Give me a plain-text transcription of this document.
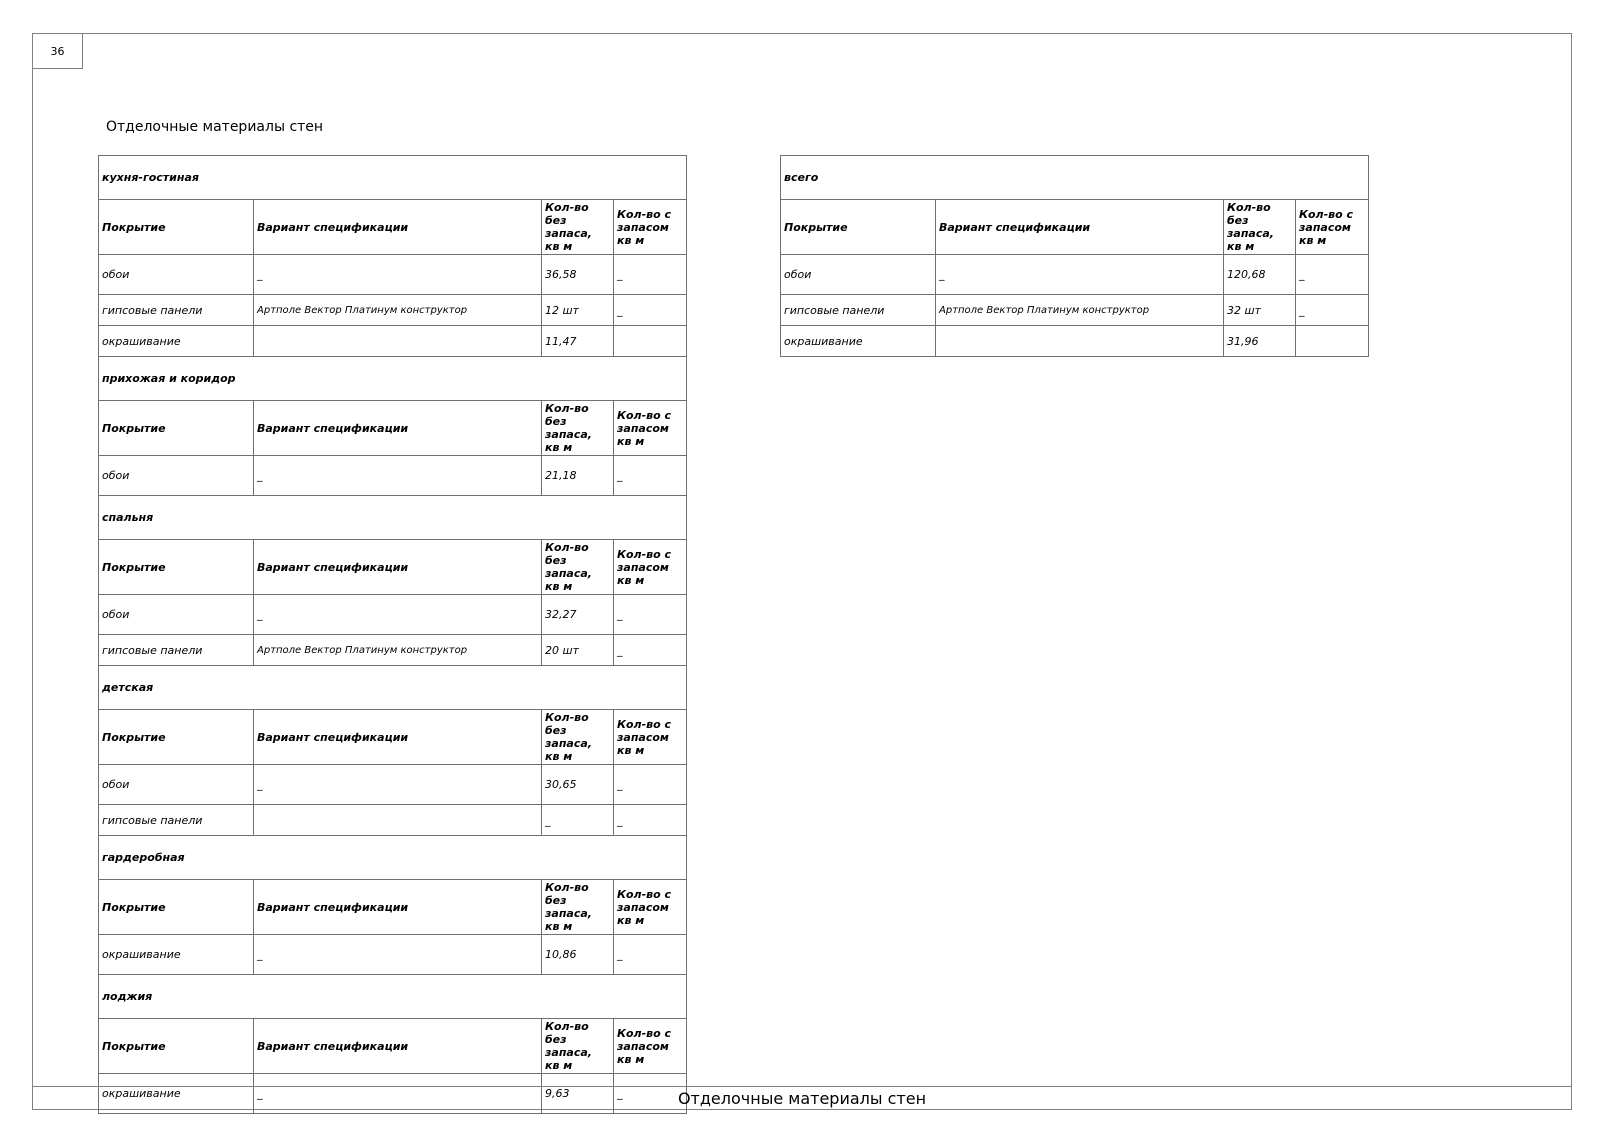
36
Отделочные материалы стен
кухня-гостиная			
Покрытие	Вариант спецификации	Кол-во без запаса, кв м	Кол-во с запасом кв м
обои	_	36,58	_
гипсовые панели	Артполе Вектор Платинум конструктор	12 шт	_
окрашивание		11,47	
прихожая и коридор			
Покрытие	Вариант спецификации	Кол-во без запаса, кв м	Кол-во с запасом кв м
обои	_	21,18	_
спальня			
Покрытие	Вариант спецификации	Кол-во без запаса, кв м	Кол-во с запасом кв м
обои	_	32,27	_
гипсовые панели	Артполе Вектор Платинум конструктор	20 шт	_
детская			
Покрытие	Вариант спецификации	Кол-во без запаса, кв м	Кол-во с запасом кв м
обои	_	30,65	_
гипсовые панели		_	_
гардеробная			
Покрытие	Вариант спецификации	Кол-во без запаса, кв м	Кол-во с запасом кв м
окрашивание	_	10,86	_
лоджия			
Покрытие	Вариант спецификации	Кол-во без запаса, кв м	Кол-во с запасом кв м
окрашивание	_	9,63	_
всего			
Покрытие	Вариант спецификации	Кол-во без запаса, кв м	Кол-во с запасом кв м
обои	_	120,68	_
гипсовые панели	Артполе Вектор Платинум конструктор	32 шт	_
окрашивание		31,96	
Отделочные материалы стен
